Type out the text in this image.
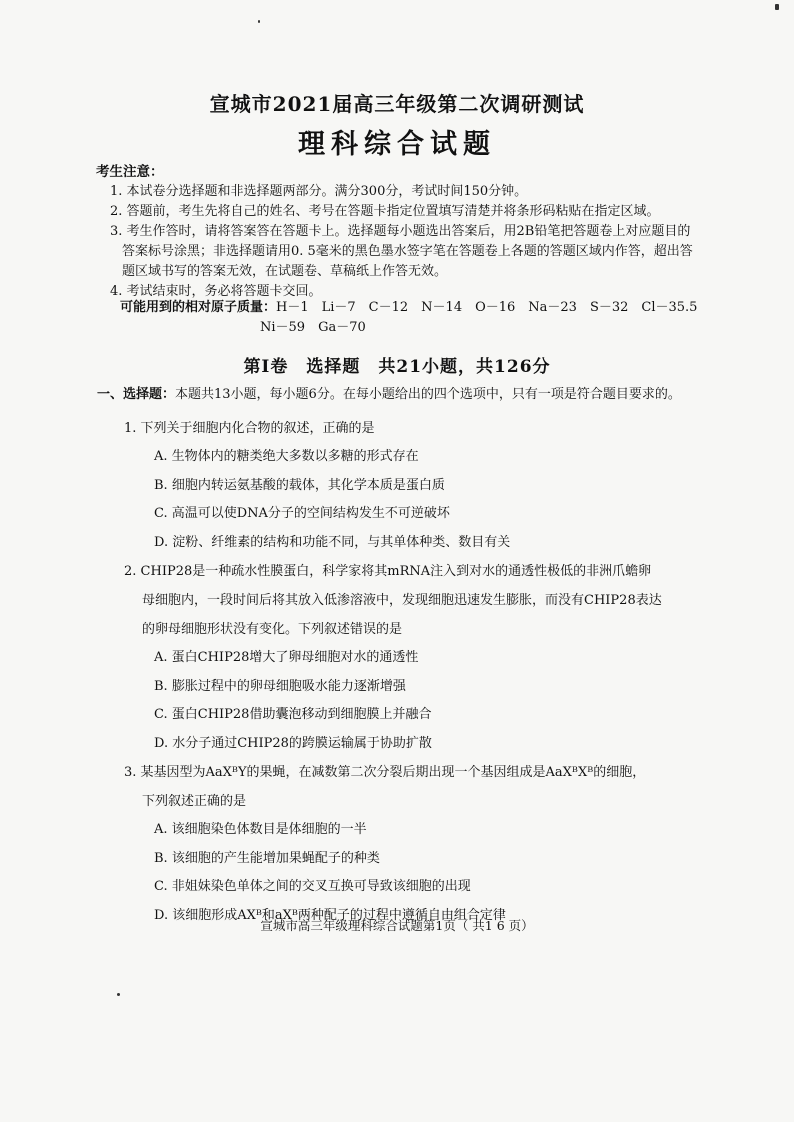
宣城市2021届高三年级第二次调研测试
理科综合试题
考生注意：
1. 本试卷分选择题和非选择题两部分。满分300分，考试时间150分钟。
2. 答题前，考生先将自己的姓名、考号在答题卡指定位置填写清楚并将条形码粘贴在指定区域。
3. 考生作答时，请将答案答在答题卡上。选择题每小题选出答案后，用2B铅笔把答题卷上对应题目的答案标号涂黑；非选择题请用0. 5毫米的黑色墨水签字笔在答题卷上各题的答题区域内作答，超出答题区域书写的答案无效，在试题卷、草稿纸上作答无效。
4. 考试结束时，务必将答题卡交回。
可能用到的相对原子质量：H－1　Li－7　C－12　N－14　O－16　Na－23　S－32　Cl－35.5
Ni－59　Ga－70
第Ⅰ卷　选择题　共21小题，共126分
一、选择题：本题共13小题，每小题6分。在每小题给出的四个选项中，只有一项是符合题目要求的。
1. 下列关于细胞内化合物的叙述，正确的是
A. 生物体内的糖类绝大多数以多糖的形式存在
B. 细胞内转运氨基酸的载体，其化学本质是蛋白质
C. 高温可以使DNA分子的空间结构发生不可逆破坏
D. 淀粉、纤维素的结构和功能不同，与其单体种类、数目有关
2. CHIP28是一种疏水性膜蛋白，科学家将其mRNA注入到对水的通透性极低的非洲爪蟾卵
母细胞内，一段时间后将其放入低渗溶液中，发现细胞迅速发生膨胀，而没有CHIP28表达
的卵母细胞形状没有变化。下列叙述错误的是
A. 蛋白CHIP28增大了卵母细胞对水的通透性
B. 膨胀过程中的卵母细胞吸水能力逐渐增强
C. 蛋白CHIP28借助囊泡移动到细胞膜上并融合
D. 水分子通过CHIP28的跨膜运输属于协助扩散
3. 某基因型为AaXᴮY的果蝇，在减数第二次分裂后期出现一个基因组成是AaXᴮXᴮ的细胞，
下列叙述正确的是
A. 该细胞染色体数目是体细胞的一半
B. 该细胞的产生能增加果蝇配子的种类
C. 非姐妹染色单体之间的交叉互换可导致该细胞的出现
D. 该细胞形成AXᴮ和aXᴮ两种配子的过程中遵循自由组合定律
宣城市高三年级理科综合试题第1页（ 共1 6 页）
